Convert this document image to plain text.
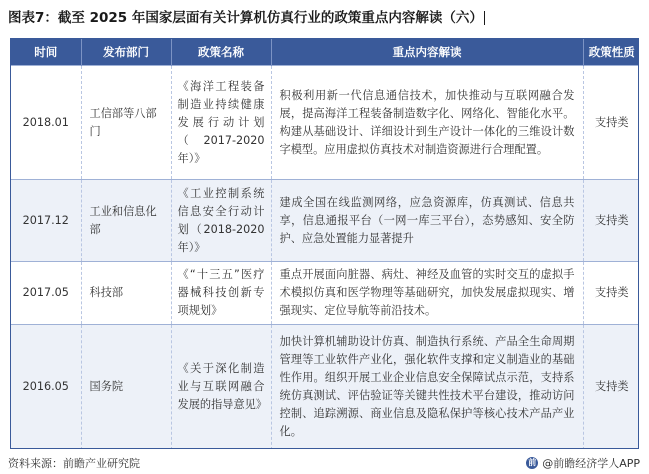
图表7：截至 2025 年国家层面有关计算机仿真行业的政策重点内容解读（六）
时间	发布部门	政策名称	重点内容解读	政策性质
2018.01	工信部等八部门	《海洋工程装备制造业持续健康发展行动计划（2017-2020年）》	积极利用新一代信息通信技术，加快推动与互联网融合发展，提高海洋工程装备制造数字化、网络化、智能化水平。构建从基础设计、详细设计到生产设计一体化的三维设计数字模型。应用虚拟仿真技术对制造资源进行合理配置。	支持类
2017.12	工业和信息化部	《工业控制系统信息安全行动计划（2018-2020年）》	建成全国在线监测网络，应急资源库，仿真测试、信息共享，信息通报平台（一网一库三平台），态势感知、安全防护、应急处置能力显著提升	支持类
2017.05	科技部	《“十三五”医疗器械科技创新专项规划》	重点开展面向脏器、病灶、神经及血管的实时交互的虚拟手术模拟仿真和医学物理等基础研究，加快发展虚拟现实、增强现实、定位导航等前沿技术。	支持类
2016.05	国务院	《关于深化制造业与互联网融合发展的指导意见》	加快计算机辅助设计仿真、制造执行系统、产品全生命周期管理等工业软件产业化，强化软件支撑和定义制造业的基础性作用。组织开展工业企业信息安全保障试点示范，支持系统仿真测试、评估验证等关键共性技术平台建设，推动访问控制、追踪溯源、商业信息及隐私保护等核心技术产品产业化。	支持类
资料来源：前瞻产业研究院	前 @前瞻经济学人APP
